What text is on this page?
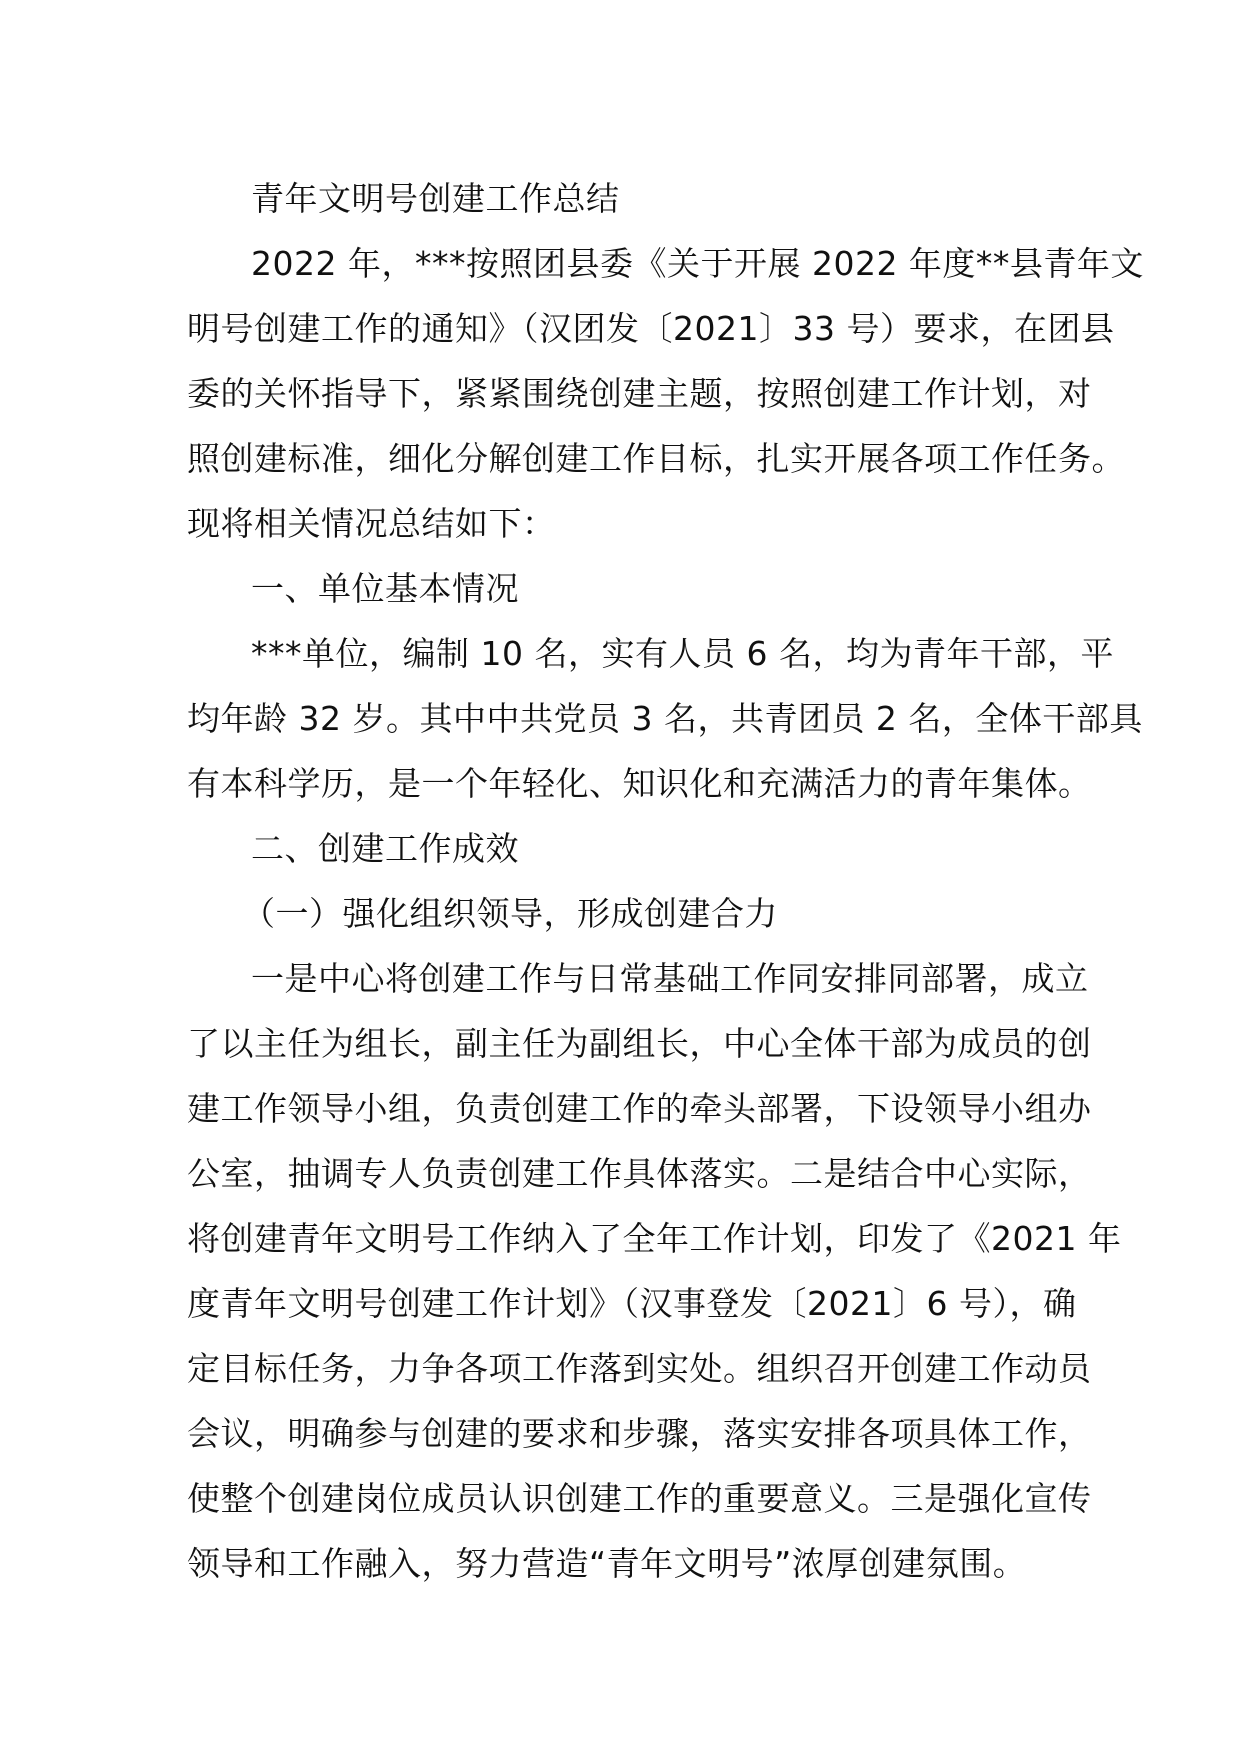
青年文明号创建工作总结
2022 年，***按照团县委《关于开展 2022 年度**县青年文
明号创建工作的通知》（汉团发〔2021〕33 号）要求，在团县
委的关怀指导下，紧紧围绕创建主题，按照创建工作计划，对
照创建标准，细化分解创建工作目标，扎实开展各项工作任务。
现将相关情况总结如下：
一、单位基本情况
***单位，编制 10 名，实有人员 6 名，均为青年干部，平
均年龄 32 岁。其中中共党员 3 名，共青团员 2 名，全体干部具
有本科学历，是一个年轻化、知识化和充满活力的青年集体。
二、创建工作成效
（一）强化组织领导，形成创建合力
一是中心将创建工作与日常基础工作同安排同部署，成立
了以主任为组长，副主任为副组长，中心全体干部为成员的创
建工作领导小组，负责创建工作的牵头部署，下设领导小组办
公室，抽调专人负责创建工作具体落实。二是结合中心实际，
将创建青年文明号工作纳入了全年工作计划，印发了《2021 年
度青年文明号创建工作计划》（汉事登发〔2021〕6 号），确
定目标任务，力争各项工作落到实处。组织召开创建工作动员
会议，明确参与创建的要求和步骤，落实安排各项具体工作，
使整个创建岗位成员认识创建工作的重要意义。三是强化宣传
领导和工作融入，努力营造“青年文明号”浓厚创建氛围。
